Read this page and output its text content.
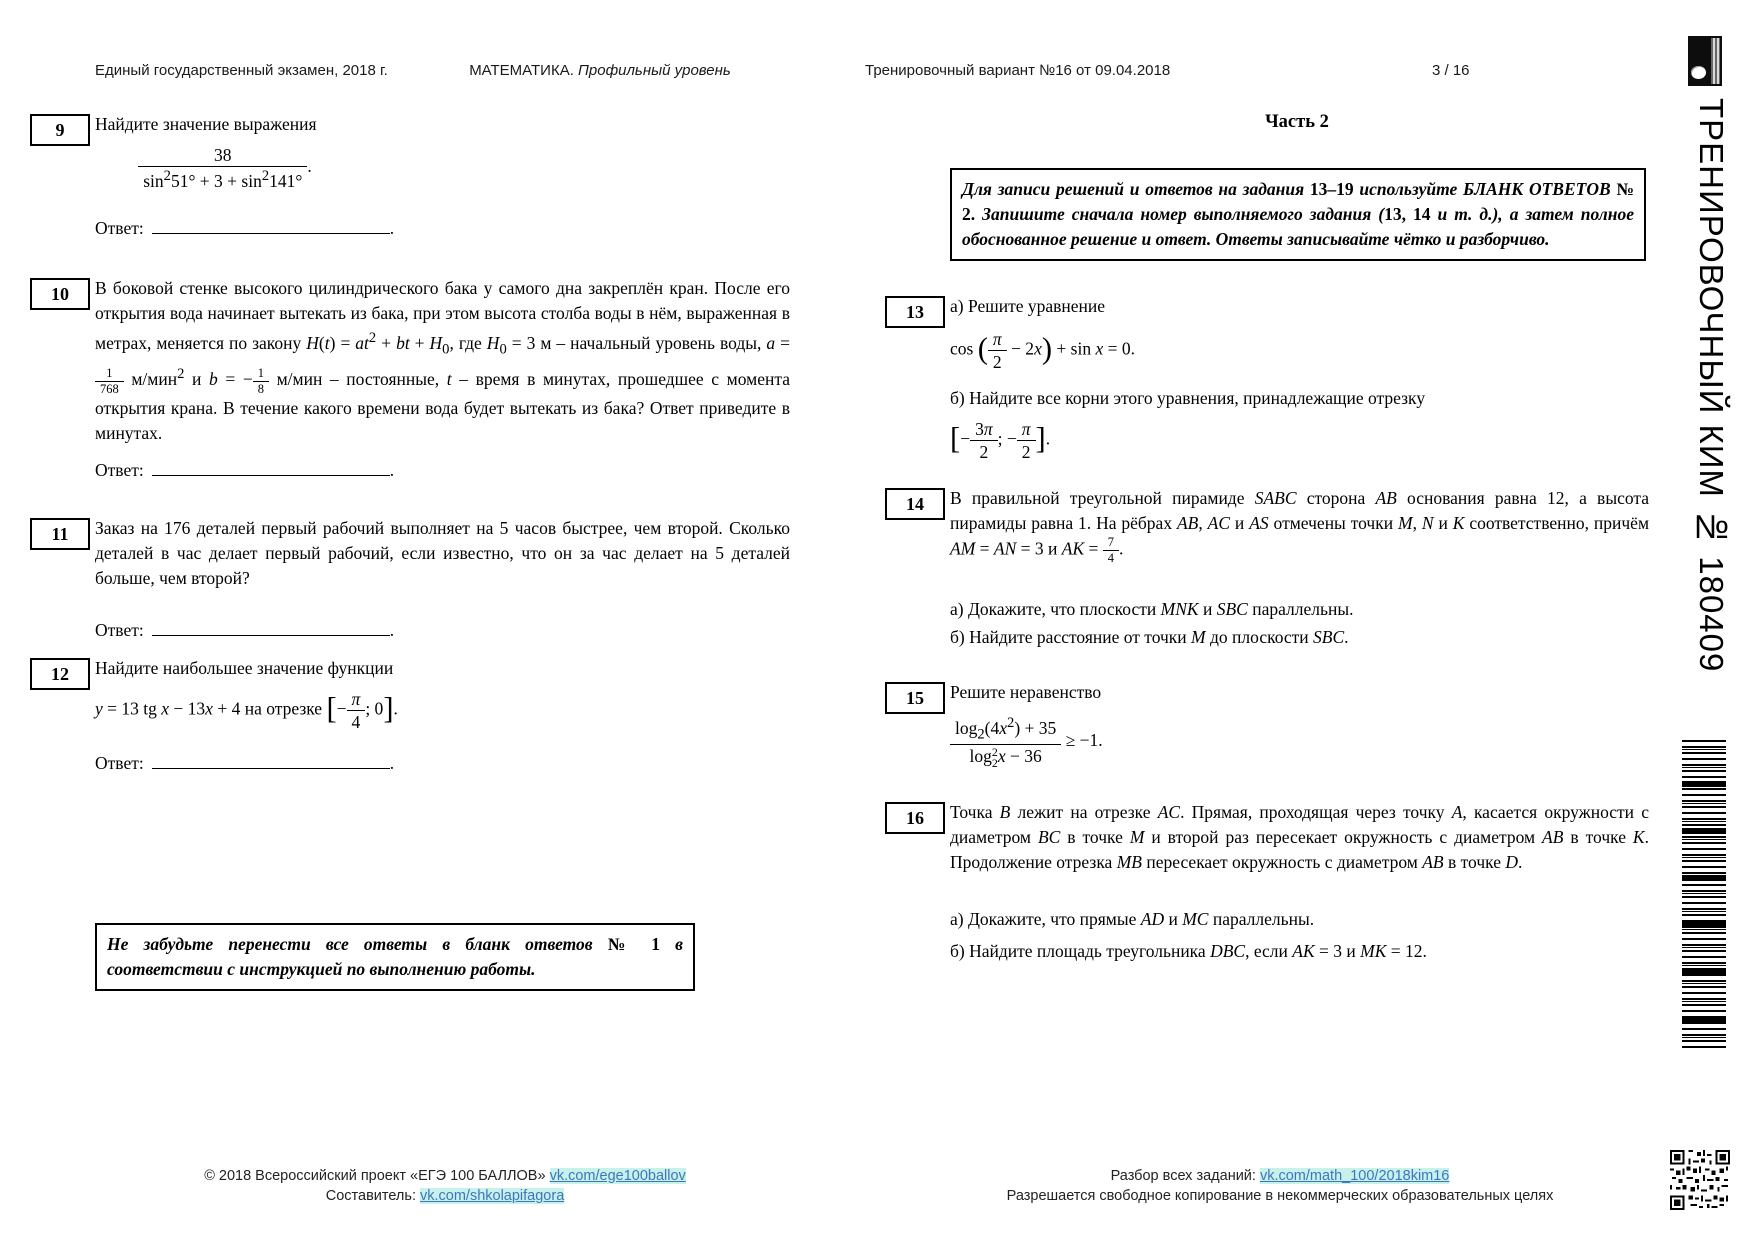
Единый государственный экзамен, 2018 г.	МАТЕМАТИКА. Профильный уровень	Тренировочный вариант №16 от 09.04.2018	3 / 16
9	Найдите значение выражения
$\frac{38}{\sin^251^\circ + 3 + \sin^2141^\circ}$ .
Ответ:	.
10	В боковой стенке высокого цилиндрического бака у самого дна закреплён кран. После его открытия вода начинает вытекать из бака, при этом высота столба воды в нём, выраженная в метрах, меняется по закону $H(t) = at^2$ + bt + $H_0$, где $H_0 = 3$ м – начальный уровень воды, a =
$\frac{1}{768} м/мин^2$ и b = − $\frac{1}{8} м/мин$ – постоянные, t – время в минутах, прошедшее с момента открытия крана. В течение какого времени вода будет вытекать из бака? Ответ приведите в минутах.
Ответ:	.
11	Заказ на 176 деталей первый рабочий выполняет на 5 часов быстрее, чем второй. Сколько деталей в час делает первый рабочий, если известно, что он за час делает на 5 деталей больше, чем второй?
Ответ:	.
12	Найдите наибольшее значение функции
y = 13 tg x − 13x + 4 на отрезке [− $\frac{\pi}{4}$ ; 0].
Ответ:	.
Не забудьте перенести все ответы в бланк ответов № 1 в соответствии с инструкцией по выполнению работы.
Часть 2
Для записи решений и ответов на задания 13–19 используйте БЛАНК ОТВЕТОВ № 2. Запишите сначала номер выполняемого задания (13, 14 и т. д.), а затем полное обоснованное решение и ответ. Ответы записывайте чётко и разборчиво.
13	а) Решите уравнение
cos ( $\frac{\pi}{2} - 2x) + \sin x = 0$.
б) Найдите все корни этого уравнения, принадлежащие отрезку
[− $\frac{3\pi}{2}$ ; − $\frac{\pi}{2}$ ].
14	В правильной треугольной пирамиде SABC сторона AB основания равна 12, а высота пирамиды равна 1. На рёбрах AB, AC и AS отмечены точки M, N и K соответственно, причём AM = AN = 3 и AK = $\frac{7}{4}$ .
а) Докажите, что плоскости MNK и SBC параллельны.
б) Найдите расстояние от точки M до плоскости SBC.
15	Решите неравенство
$\log_2(4x^2) + 35$
log 2
2 x − 36 ≥ −1.
16	Точка B лежит на отрезке AC. Прямая, проходящая через точку A, касается окружности с диаметром BC в точке M и второй раз пересекает окружность с диаметром AB в точке K. Продолжение отрезка MB пересекает окружность с диаметром AB в точке D.
а) Докажите, что прямые AD и MC параллельны.
б) Найдите площадь треугольника DBC, если AK = 3 и MK = 12.
ТРЕНИРОВОЧНЫЙ КИМ № 180409
© 2018 Всероссийский проект «ЕГЭ 100 БАЛЛОВ» vk.com/ege100ballov
Составитель: vk.com/shkolapifagora
Разбор всех заданий: vk.com/math_100/2018kim16
Разрешается свободное копирование в некоммерческих образовательных целях
